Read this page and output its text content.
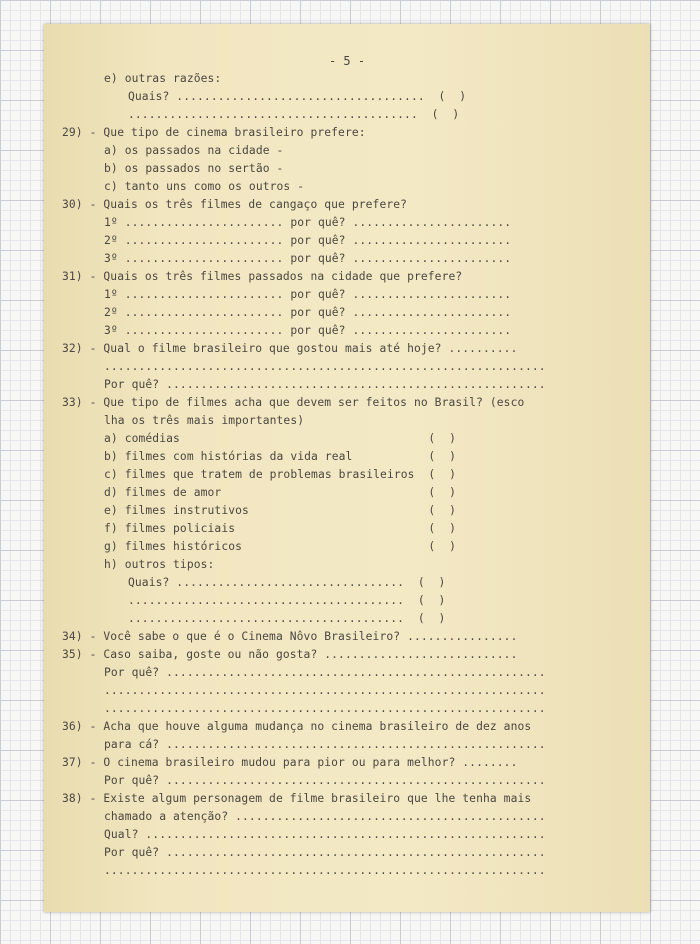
- 5 -
e) outras razões:
Quais? ....................................  (  )
..........................................  (  )
29) - Que tipo de cinema brasileiro prefere:
a) os passados na cidade -
b) os passados no sertão -
c) tanto uns como os outros -
30) - Quais os três filmes de cangaço que prefere?
1º ....................... por quê? .......................
2º ....................... por quê? .......................
3º ....................... por quê? .......................
31) - Quais os três filmes passados na cidade que prefere?
1º ....................... por quê? .......................
2º ....................... por quê? .......................
3º ....................... por quê? .......................
32) - Qual o filme brasileiro que gostou mais até hoje? ..........
................................................................
Por quê? .......................................................
33) - Que tipo de filmes acha que devem ser feitos no Brasil? (esco
lha os três mais importantes)
a) comédias                                    (  )
b) filmes com histórias da vida real           (  )
c) filmes que tratem de problemas brasileiros  (  )
d) filmes de amor                              (  )
e) filmes instrutivos                          (  )
f) filmes policiais                            (  )
g) filmes históricos                           (  )
h) outros tipos:
Quais? .................................  (  )
........................................  (  )
........................................  (  )
34) - Você sabe o que é o Cinema Nôvo Brasileiro? ................
35) - Caso saiba, goste ou não gosta? ............................
Por quê? .......................................................
................................................................
................................................................
36) - Acha que houve alguma mudança no cinema brasileiro de dez anos
para cá? .......................................................
37) - O cinema brasileiro mudou para pior ou para melhor? ........
Por quê? .......................................................
38) - Existe algum personagem de filme brasileiro que lhe tenha mais
chamado a atenção? .............................................
Qual? ..........................................................
Por quê? .......................................................
................................................................
